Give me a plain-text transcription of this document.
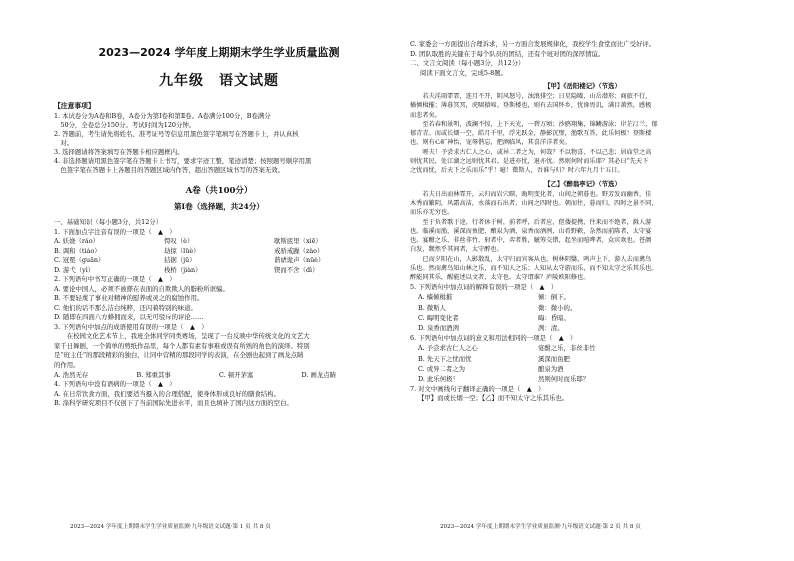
2023—2024 学年度上期期末学生学业质量监测
九年级　语文试题
【注意事项】

1. 本试卷分为A卷和B卷，A卷分为第Ⅰ卷和第Ⅱ卷。A卷满分100分，B卷满分

　50分，全卷总分150分。考试时间为120分钟。

2. 答题前，考生请先将姓名、准考证号等信息用黑色签字笔填写在答题卡上，并认真核

　对。

3. 选择题请将答案填写在答题卡相应题框内。

4. 非选择题请用黑色签字笔在答题卡上书写，要求字迹工整，笔迹清楚；按照题号顺序用黑

　色签字笔在答题卡上各题目的答题区域内作答，超出答题区域书写的答案无效。

A卷（共100分）
第Ⅰ卷（选择题，共24分）

一、基础知识（每小题3分，共12分）

1. 下面加点字注音有误的一项是（　▲　）

A. 妖娆（ráo）	愕叹（è）	歇斯底里（xiē）
B. 调和（tiáo）	劫掠（lüè）	戒骄戒躁（zào）
C. 冠冕（guān）	拮据（jū）	谐谑诡声（nüè）
D. 游弋（yì）	栈桥（jiàn）	锲而不舍（dì）

2. 下列语句中书写正确的一项是（　▲　）

A. 要论中国人，必须不被搽在表面的自欺欺人的脂粉所诓骗。

B. 不要轻蔑了事业对精神的慰养或灵之的腐蚀作用。

C. 他们的话不那么洁白纯粹，还闪着特别的味道。

D. 随即在四面八方蜂拥而来，以无可驳斥的评论……

3. 下列语句中加点的成语使用有误的一项是（　▲　）

　　在校园文化艺术节上，我班全体同学同类赛场，呈现了一台反映中华传统文化的文艺大

家千日舞剧，一个简单的剪纸作品里，每个人都有素有事难或误有所熟的角色的演绎。特别

是“班主任”的那段精彩的独白，让同中营精的那段同学的表演，在全剧也起到了画龙点睛

的作用。

A. 浩然无存	B. 郑重其事	C. 顿开茅塞	D. 画龙点睛

4. 下列语句中没有语病的一项是（　▲　）

A. 在日常饮食方面，我们要适当摄入的合理搭配，使身体形成良好的膳食结构。

B. 涤科学研究项目不仅创下了当前国际先进水平，而且也填补了国内这方面的空白。

2023—2024 学年度上期期末学生学业质量监测·九年级语文试题·第 1 页 共 8 页

C. 家委会一方面提出合理诉求，另一方面合发展规律化，我校学生食堂而比广受好评。

D. 团队取胜的关键在于每个队员的团结，还有个班对团的深厚情谊。

二、文言文阅读（每小题3分，共12分）

阅读下面文言文，完成5-8题。

【甲】《岳阳楼记》（节选）

若夫淫雨霏霏，连月不开，阴风怒号，浊浪排空；日星隐曜，山岳潜形；商旅不行，

樯倾楫摧；薄暮冥冥，虎啸猿啼。登斯楼也，则有去国怀乡，忧谗畏讥，满目萧然，感极

而悲者矣。

至若春和景明，波澜不惊，上下天光，一碧万顷；沙鸥翔集，锦鳞游泳；岸芷汀兰，郁

郁青青。而或长烟一空，皓月千里，浮光跃金，静影沉璧，渔歌互答，此乐何极！登斯楼

也，则有心旷神怡，宠辱偕忘，把酒临风，其喜洋洋者矣。

嗟夫！予尝求古仁人之心，或异二者之为，何哉？不以物喜，不以己悲；居庙堂之高

则忧其民，处江湖之远则忧其君。是进亦忧，退亦忧。然则何时而乐耶？其必曰“先天下

之忧而忧，后天下之乐而乐”乎！噫！微斯人，吾谁与归？时六年九月十五日。

【乙】《醉翁亭记》（节选）

若夫日出而林霏开，云归而岩穴暝，晦明变化者，山间之朝暮也。野芳发而幽香，佳

木秀而繁阴，风霜高洁，水落而石出者，山间之四时也。朝而往，暮而归，四时之景不同，

而乐亦无穷也。

至于负者歌于途，行者休于树，前者呼，后者应，伛偻提携，往来而不绝者，滁人游

也。临溪而渔，溪深而鱼肥，酿泉为酒，泉香而酒洌，山肴野蔌，杂然而前陈者，太守宴

也。宴酣之乐，非丝非竹，射者中，弈者胜，觥筹交错，起坐而喧哗者，众宾欢也。苍颜

白发，颓然乎其间者，太守醉也。

已而夕阳在山，人影散乱，太守归而宾客从也。树林阴翳，鸣声上下，游人去而禽鸟

乐也。然而禽鸟知山林之乐，而不知人之乐；人知从太守游而乐，而不知太守之乐其乐也。

醉能同其乐，醒能述以文者，太守也。太守谓谁？庐陵欧阳修也。

5. 下列语句中加点词的解释有误的一项是（　▲　）

A. 樯倾楫摧	倾：倒下。
B. 微斯人	微：微小的。
C. 晦明变化者	晦：昏暗。
D. 泉香而酒洌	洌：清。

6. 下列语句中加点词的意义和用法相同的一项是（　▲　）

A. 予尝求古仁人之心	宴酣之乐，非丝非竹
B. 先天下之忧而忧	溪深而鱼肥
C. 或异二者之为	酿泉为酒
D. 此乐何极！	然则何时而乐耶？

7. 对文中画线句子翻译正确的一项是（　▲　）

【甲】而或长烟一空；【乙】而不知太守之乐其乐也。

2023—2024 学年度上期期末学生学业质量监测·九年级语文试题·第 2 页 共 8 页
